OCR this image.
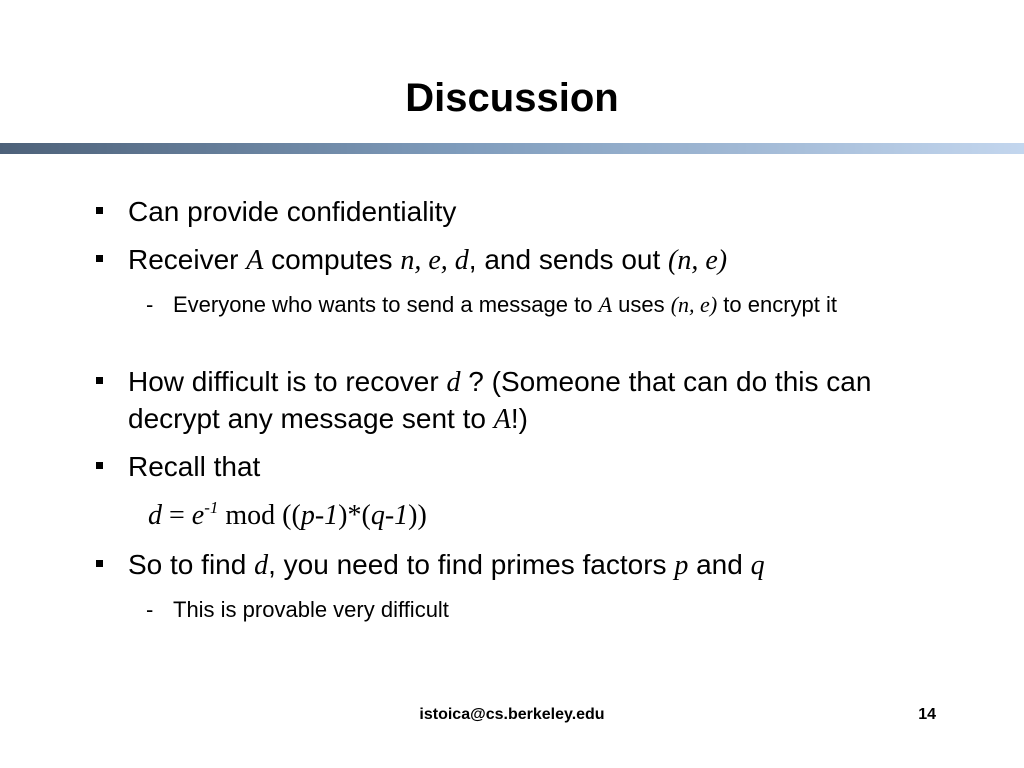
Discussion
Can provide confidentiality
Receiver A computes n, e, d, and sends out (n, e)
- Everyone who wants to send a message to A uses (n, e) to encrypt it
How difficult is to recover d ? (Someone that can do this can decrypt any message sent to A!)
Recall that
$d = e^{-1}$ mod ((p-1)*(q-1))
So to find d, you need to find primes factors p and q
- This is provable very difficult
istoica@cs.berkeley.edu	14
